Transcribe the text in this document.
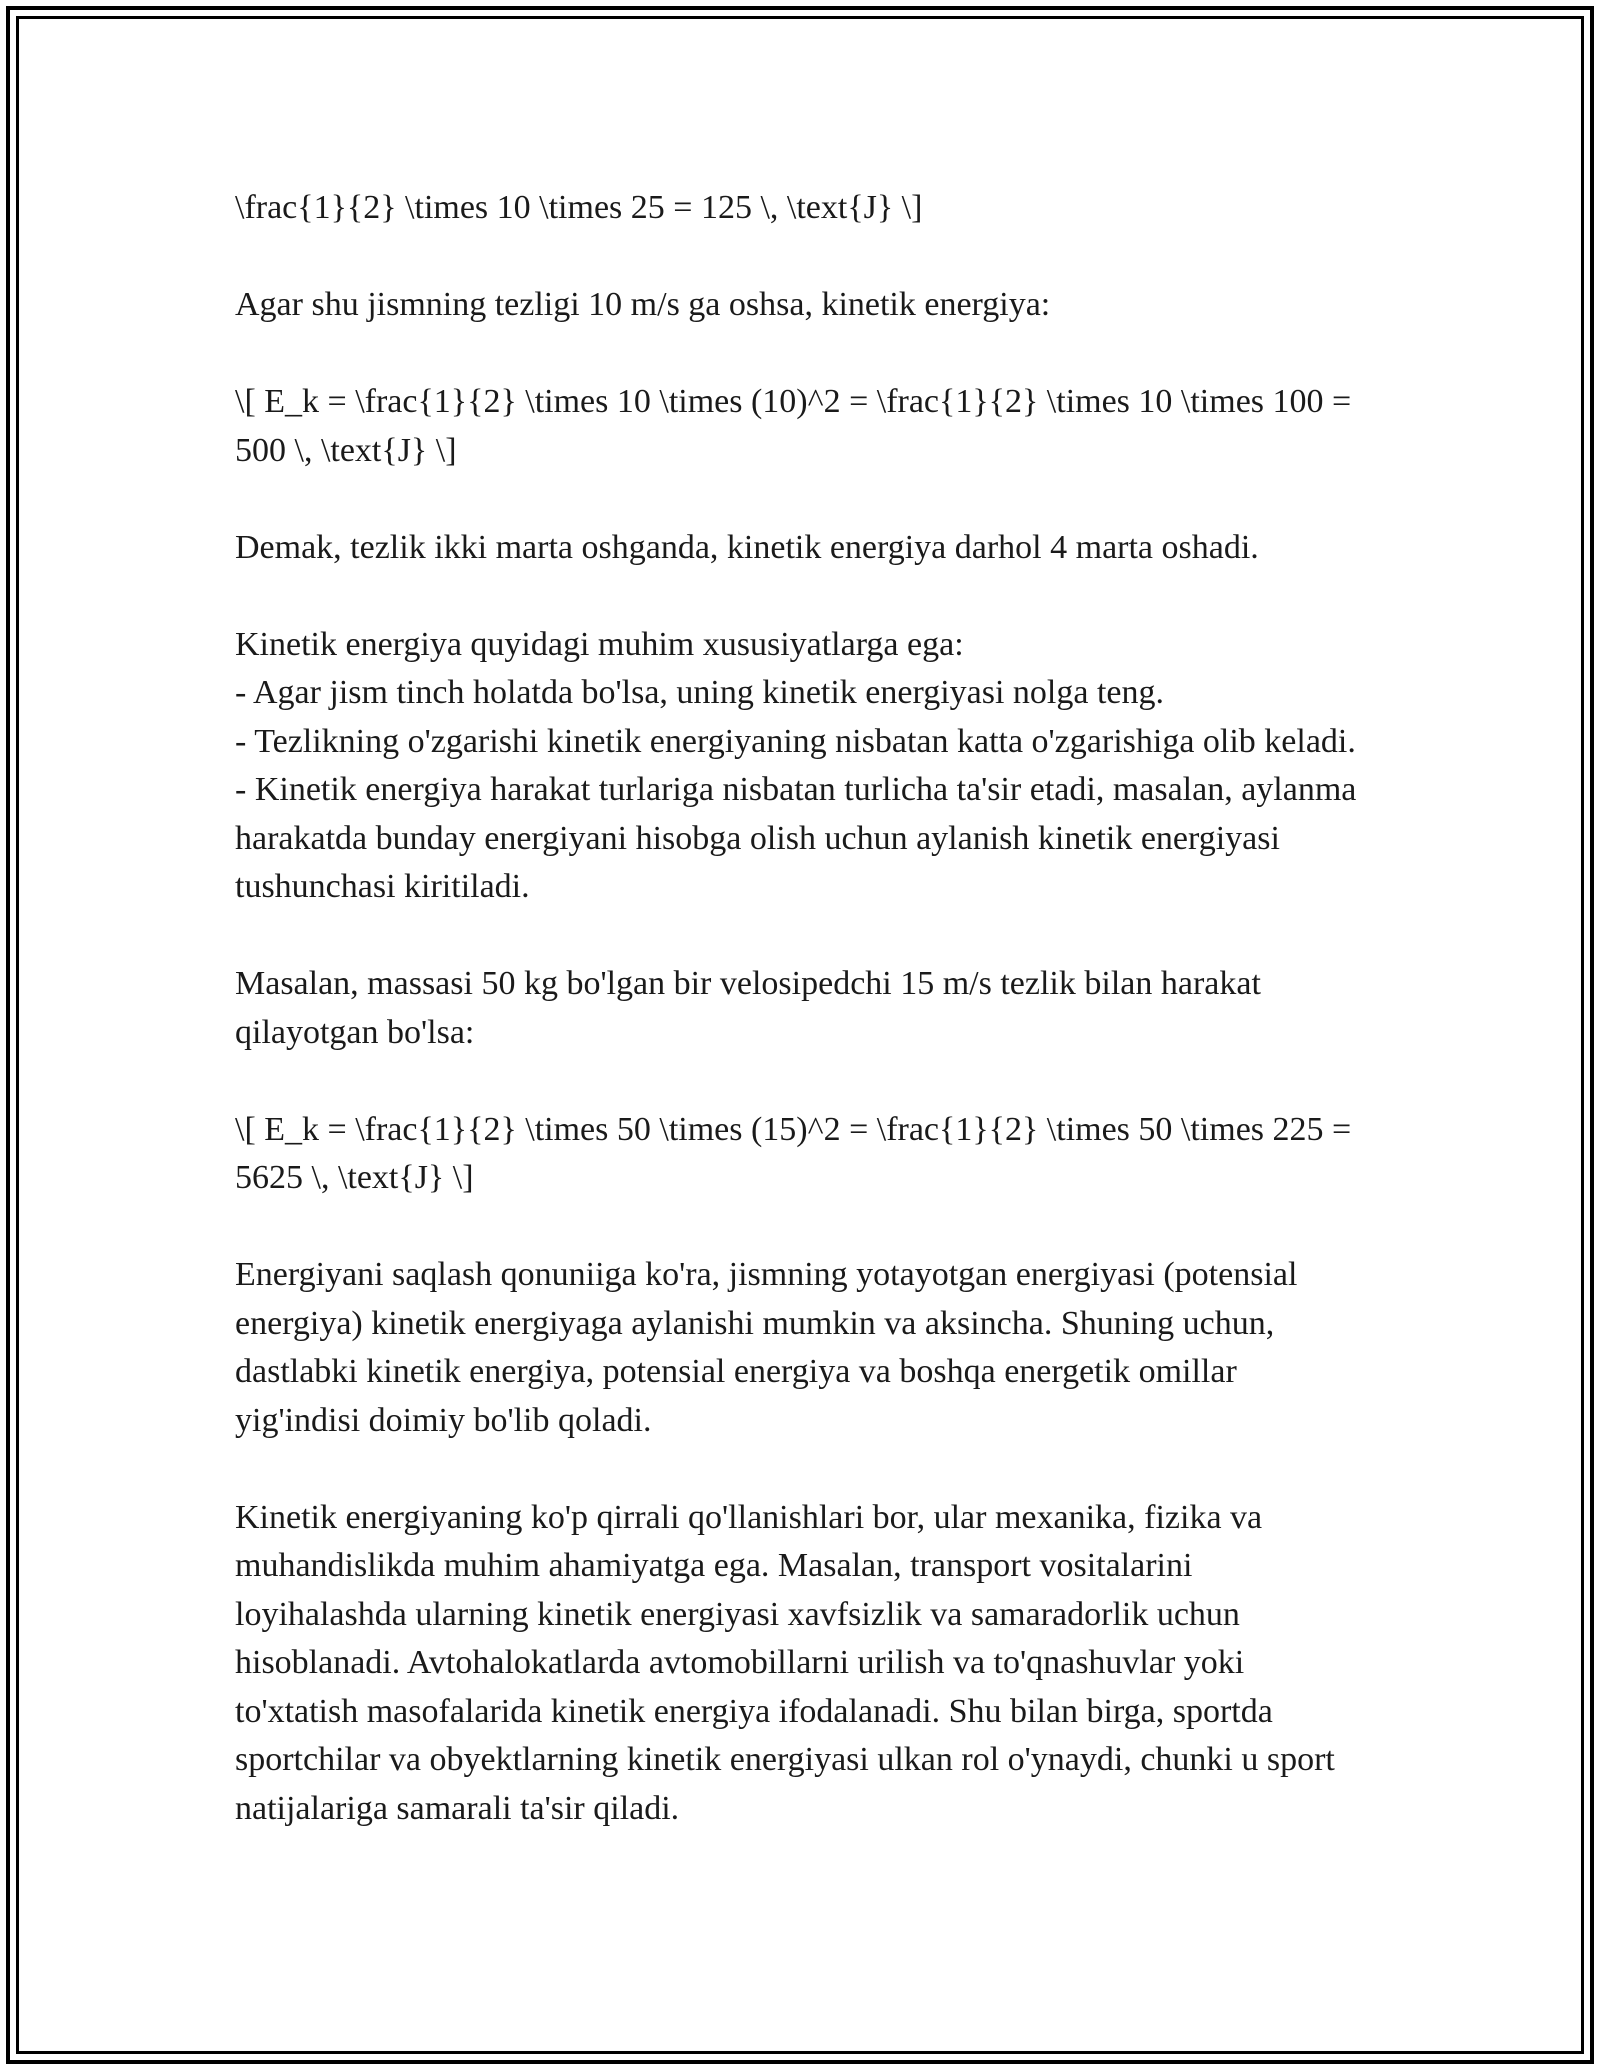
\frac{1}{2} \times 10 \times 25 = 125 \, \text{J} \]

Agar shu jismning tezligi 10 m/s ga oshsa, kinetik energiya:

\[ E_k = \frac{1}{2} \times 10 \times (10)^2 = \frac{1}{2} \times 10 \times 100 = 500 \, \text{J} \]

Demak, tezlik ikki marta oshganda, kinetik energiya darhol 4 marta oshadi.

Kinetik energiya quyidagi muhim xususiyatlarga ega:

- Agar jism tinch holatda bo'lsa, uning kinetik energiyasi nolga teng.

- Tezlikning o'zgarishi kinetik energiyaning nisbatan katta o'zgarishiga olib keladi.

- Kinetik energiya harakat turlariga nisbatan turlicha ta'sir etadi, masalan, aylanma harakatda bunday energiyani hisobga olish uchun aylanish kinetik energiyasi tushunchasi kiritiladi.

Masalan, massasi 50 kg bo'lgan bir velosipedchi 15 m/s tezlik bilan harakat qilayotgan bo'lsa:

\[ E_k = \frac{1}{2} \times 50 \times (15)^2 = \frac{1}{2} \times 50 \times 225 = 5625 \, \text{J} \]

Energiyani saqlash qonuniiga ko'ra, jismning yotayotgan energiyasi (potensial energiya) kinetik energiyaga aylanishi mumkin va aksincha. Shuning uchun, dastlabki kinetik energiya, potensial energiya va boshqa energetik omillar yig'indisi doimiy bo'lib qoladi.

Kinetik energiyaning ko'p qirrali qo'llanishlari bor, ular mexanika, fizika va muhandislikda muhim ahamiyatga ega. Masalan, transport vositalarini loyihalashda ularning kinetik energiyasi xavfsizlik va samaradorlik uchun hisoblanadi. Avtohalokatlarda avtomobillarni urilish va to'qnashuvlar yoki to'xtatish masofalarida kinetik energiya ifodalanadi. Shu bilan birga, sportda sportchilar va obyektlarning kinetik energiyasi ulkan rol o'ynaydi, chunki u sport natijalariga samarali ta'sir qiladi.
